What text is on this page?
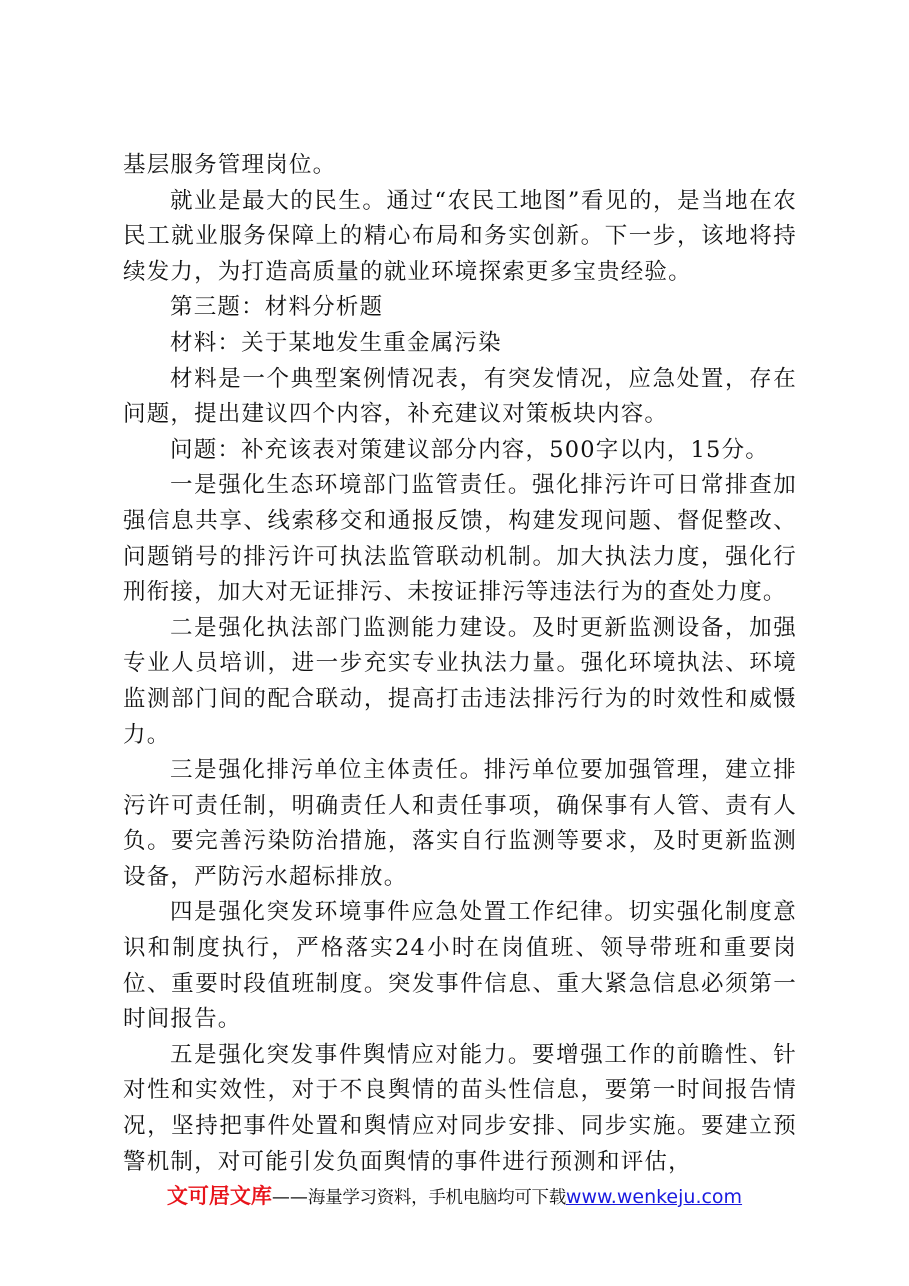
基层服务管理岗位。

就业是最大的民生。通过“农民工地图”看见的，是当地在农民工就业服务保障上的精心布局和务实创新。下一步，该地将持续发力，为打造高质量的就业环境探索更多宝贵经验。

第三题：材料分析题

材料：关于某地发生重金属污染

材料是一个典型案例情况表，有突发情况，应急处置，存在问题，提出建议四个内容，补充建议对策板块内容。

问题：补充该表对策建议部分内容，500字以内，15分。

一是强化生态环境部门监管责任。强化排污许可日常排查加强信息共享、线索移交和通报反馈，构建发现问题、督促整改、问题销号的排污许可执法监管联动机制。加大执法力度，强化行刑衔接，加大对无证排污、未按证排污等违法行为的查处力度。

二是强化执法部门监测能力建设。及时更新监测设备，加强专业人员培训，进一步充实专业执法力量。强化环境执法、环境监测部门间的配合联动，提高打击违法排污行为的时效性和威慑力。

三是强化排污单位主体责任。排污单位要加强管理，建立排污许可责任制，明确责任人和责任事项，确保事有人管、责有人负。要完善污染防治措施，落实自行监测等要求，及时更新监测设备，严防污水超标排放。

四是强化突发环境事件应急处置工作纪律。切实强化制度意识和制度执行，严格落实24小时在岗值班、领导带班和重要岗位、重要时段值班制度。突发事件信息、重大紧急信息必须第一时间报告。

五是强化突发事件舆情应对能力。要增强工作的前瞻性、针对性和实效性，对于不良舆情的苗头性信息，要第一时间报告情况，坚持把事件处置和舆情应对同步安排、同步实施。要建立预警机制，对可能引发负面舆情的事件进行预测和评估，

文可居文库——海量学习资料，手机电脑均可下载www.wenkeju.com
